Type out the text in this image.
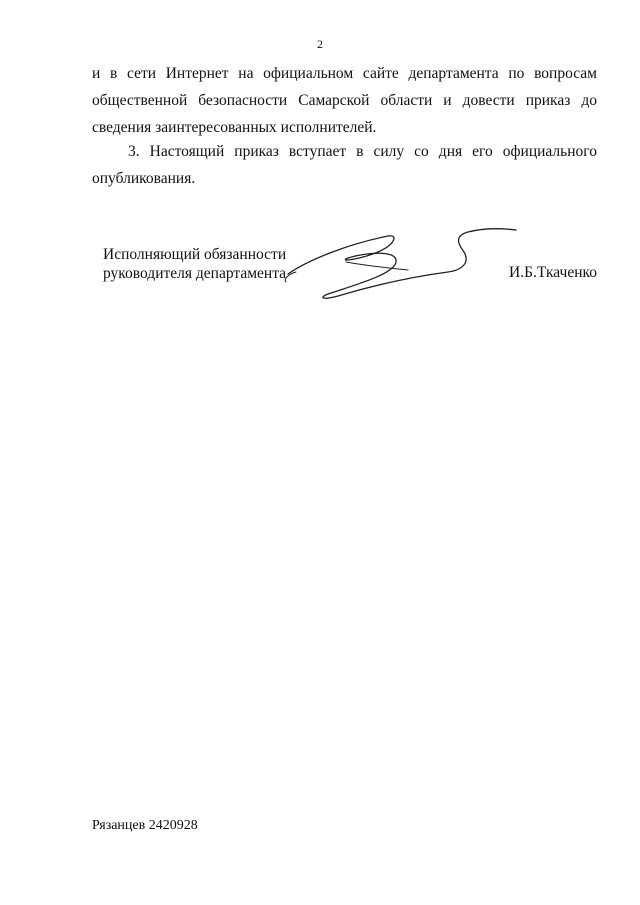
2
и в сети Интернет на официальном сайте департамента по вопросам общественной безопасности Самарской области и довести приказ до сведения заинтересованных исполнителей.
3. Настоящий приказ вступает в силу со дня его официального опубликования.
Исполняющий обязанности
руководителя департамента	И.Б.Ткаченко
Рязанцев 2420928
